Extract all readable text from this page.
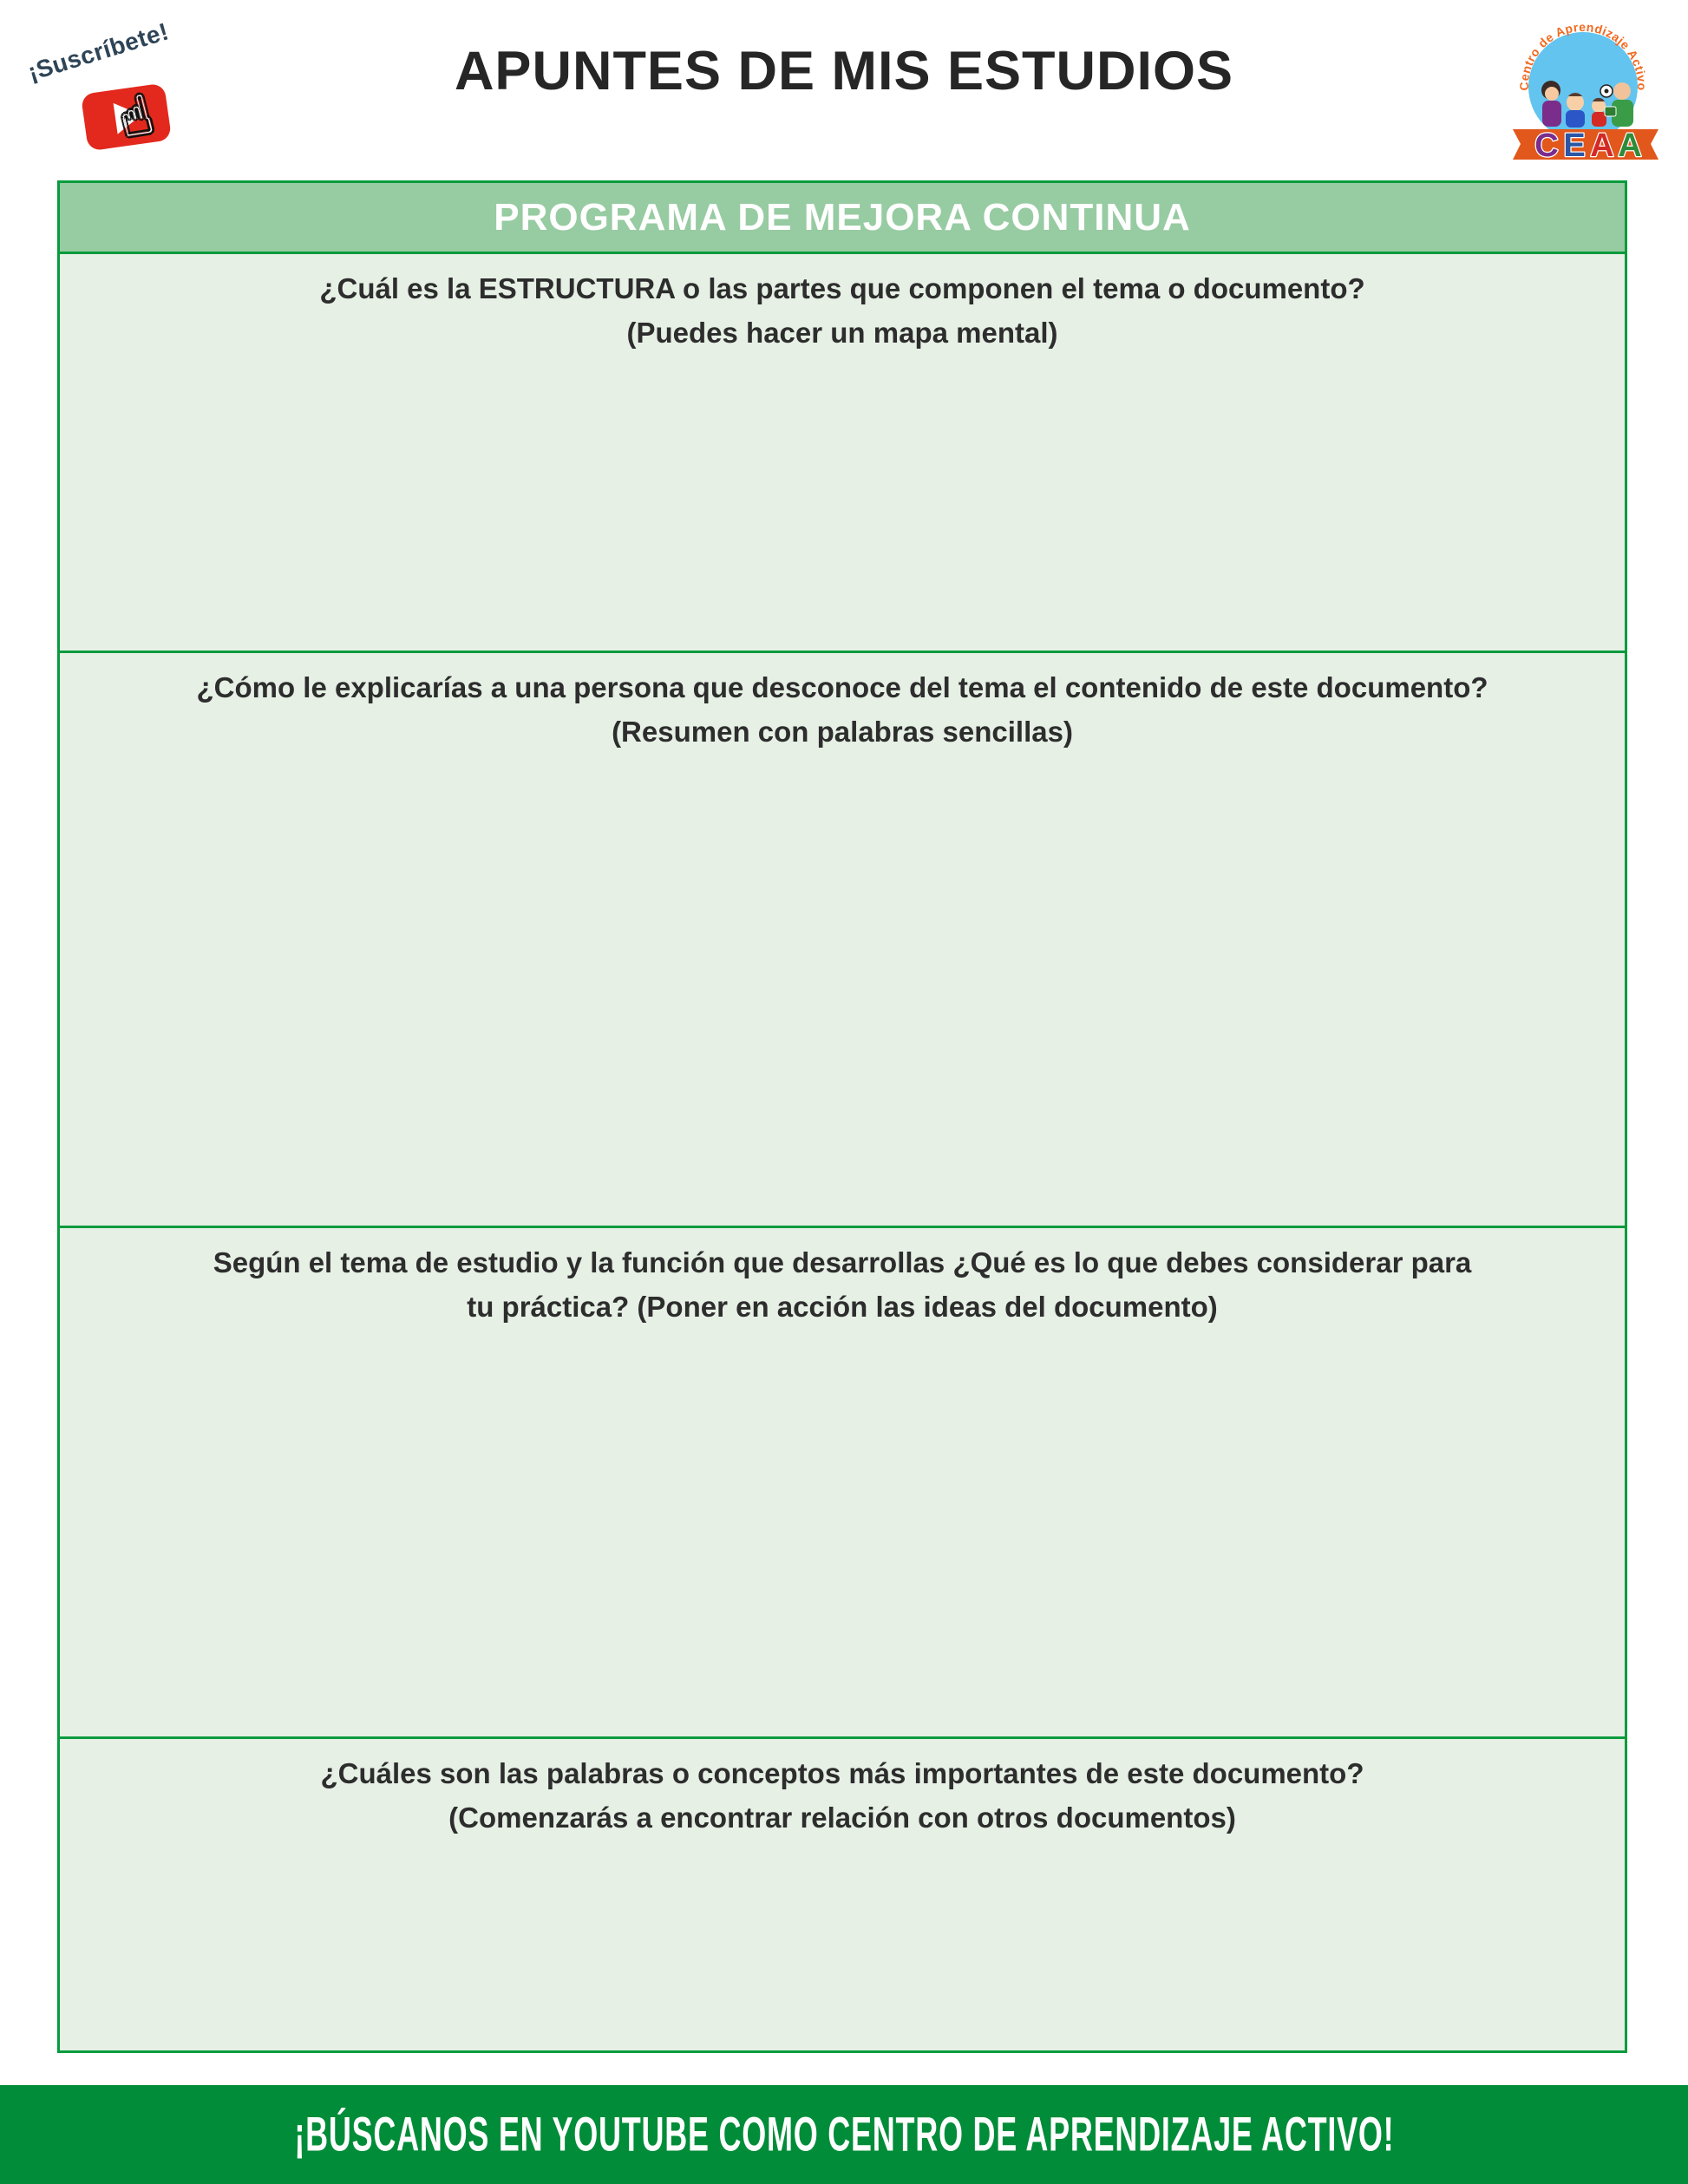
¡Suscríbete!
☝
APUNTES DE MIS ESTUDIOS	Centro de Aprendizaje Activo
C E A A
PROGRAMA DE MEJORA CONTINUA
¿Cuál es la ESTRUCTURA o las partes que componen el tema o documento?
(Puedes hacer un mapa mental)
¿Cómo le explicarías a una persona que desconoce del tema el contenido de este documento?
(Resumen con palabras sencillas)
Según el tema de estudio y la función que desarrollas ¿Qué es lo que debes considerar para
tu práctica? (Poner en acción las ideas del documento)
¿Cuáles son las palabras o conceptos más importantes de este documento?
(Comenzarás a encontrar relación con otros documentos)
¡BÚSCANOS EN YOUTUBE COMO CENTRO DE APRENDIZAJE ACTIVO!
